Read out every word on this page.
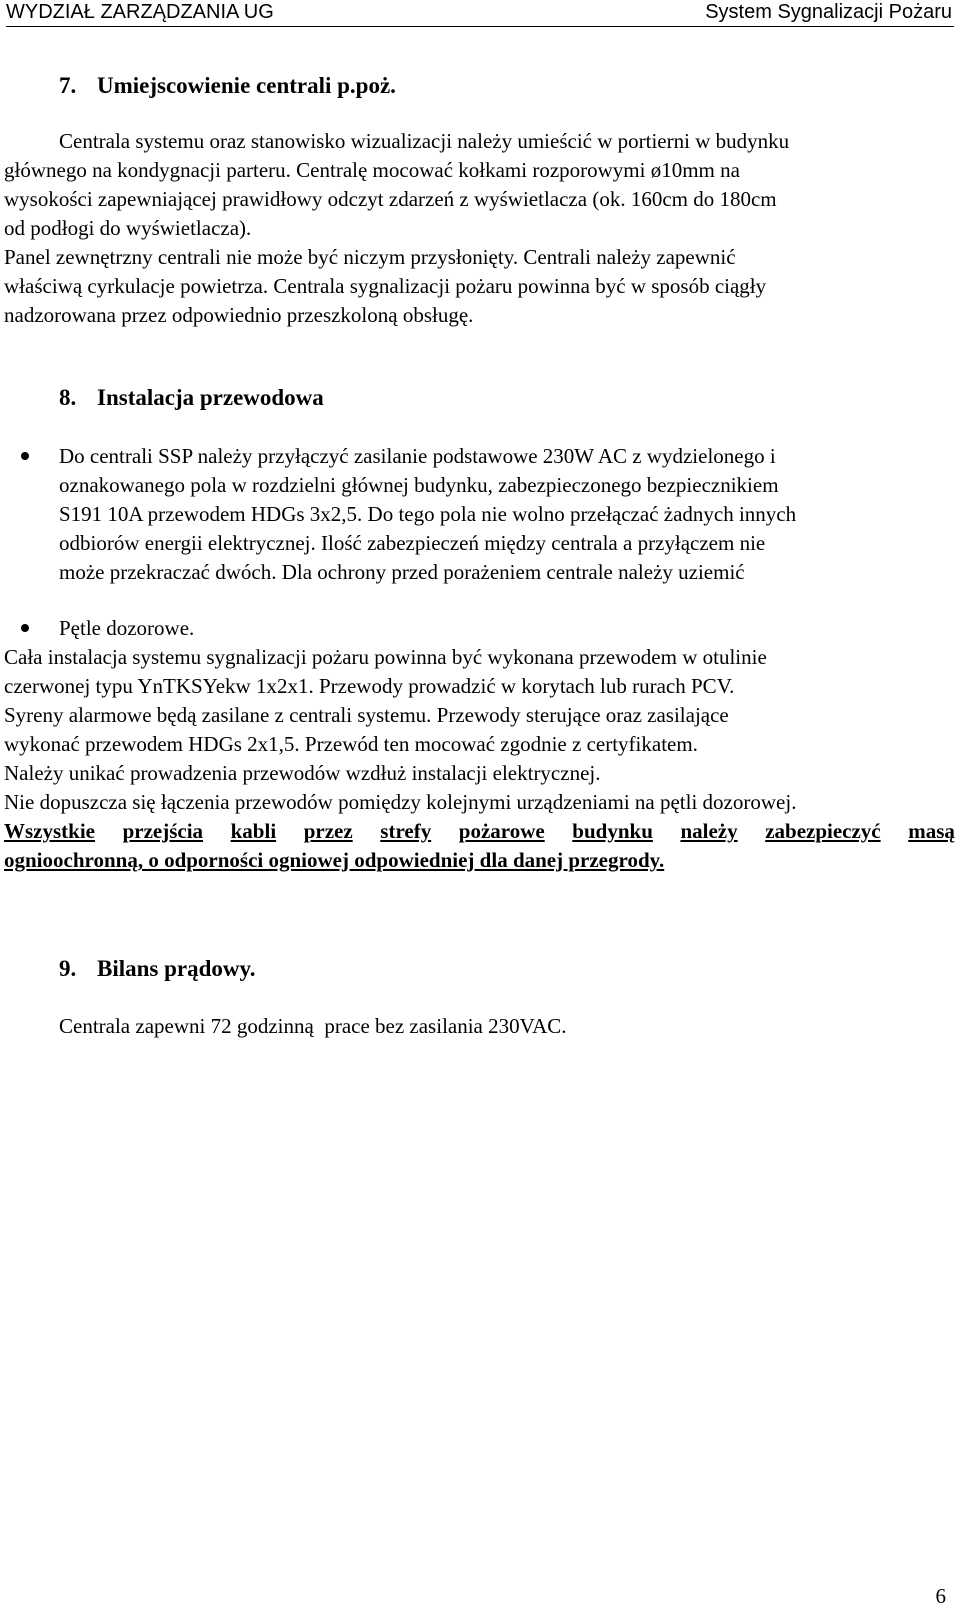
WYDZIAŁ ZARZĄDZANIA UG	System Sygnalizacji Pożaru
7. Umiejscowienie centrali p.poż.
Centrala systemu oraz stanowisko wizualizacji należy umieścić w portierni w budynku
głównego na kondygnacji parteru. Centralę mocować kołkami rozporowymi ø10mm na
wysokości zapewniającej prawidłowy odczyt zdarzeń z wyświetlacza (ok. 160cm do 180cm
od podłogi do wyświetlacza).
Panel zewnętrzny centrali nie może być niczym przysłonięty. Centrali należy zapewnić
właściwą cyrkulacje powietrza. Centrala sygnalizacji pożaru powinna być w sposób ciągły
nadzorowana przez odpowiednio przeszkoloną obsługę.
8. Instalacja przewodowa
Do centrali SSP należy przyłączyć zasilanie podstawowe 230W AC z wydzielonego i
oznakowanego pola w rozdzielni głównej budynku, zabezpieczonego bezpiecznikiem
S191 10A przewodem HDGs 3x2,5. Do tego pola nie wolno przełączać żadnych innych
odbiorów energii elektrycznej. Ilość zabezpieczeń między centrala a przyłączem nie
może przekraczać dwóch. Dla ochrony przed porażeniem centrale należy uziemić
Pętle dozorowe.
Cała instalacja systemu sygnalizacji pożaru powinna być wykonana przewodem w otulinie
czerwonej typu YnTKSYekw 1x2x1. Przewody prowadzić w korytach lub rurach PCV.
Syreny alarmowe będą zasilane z centrali systemu. Przewody sterujące oraz zasilające
wykonać przewodem HDGs 2x1,5. Przewód ten mocować zgodnie z certyfikatem.
Należy unikać prowadzenia przewodów wzdłuż instalacji elektrycznej.
Nie dopuszcza się łączenia przewodów pomiędzy kolejnymi urządzeniami na pętli dozorowej.
Wszystkie przejścia kabli przez strefy pożarowe budynku należy zabezpieczyć masą
ognioochronną, o odporności ogniowej odpowiedniej dla danej przegrody.
9. Bilans prądowy.
Centrala zapewni 72 godzinną  prace bez zasilania 230VAC.
6
